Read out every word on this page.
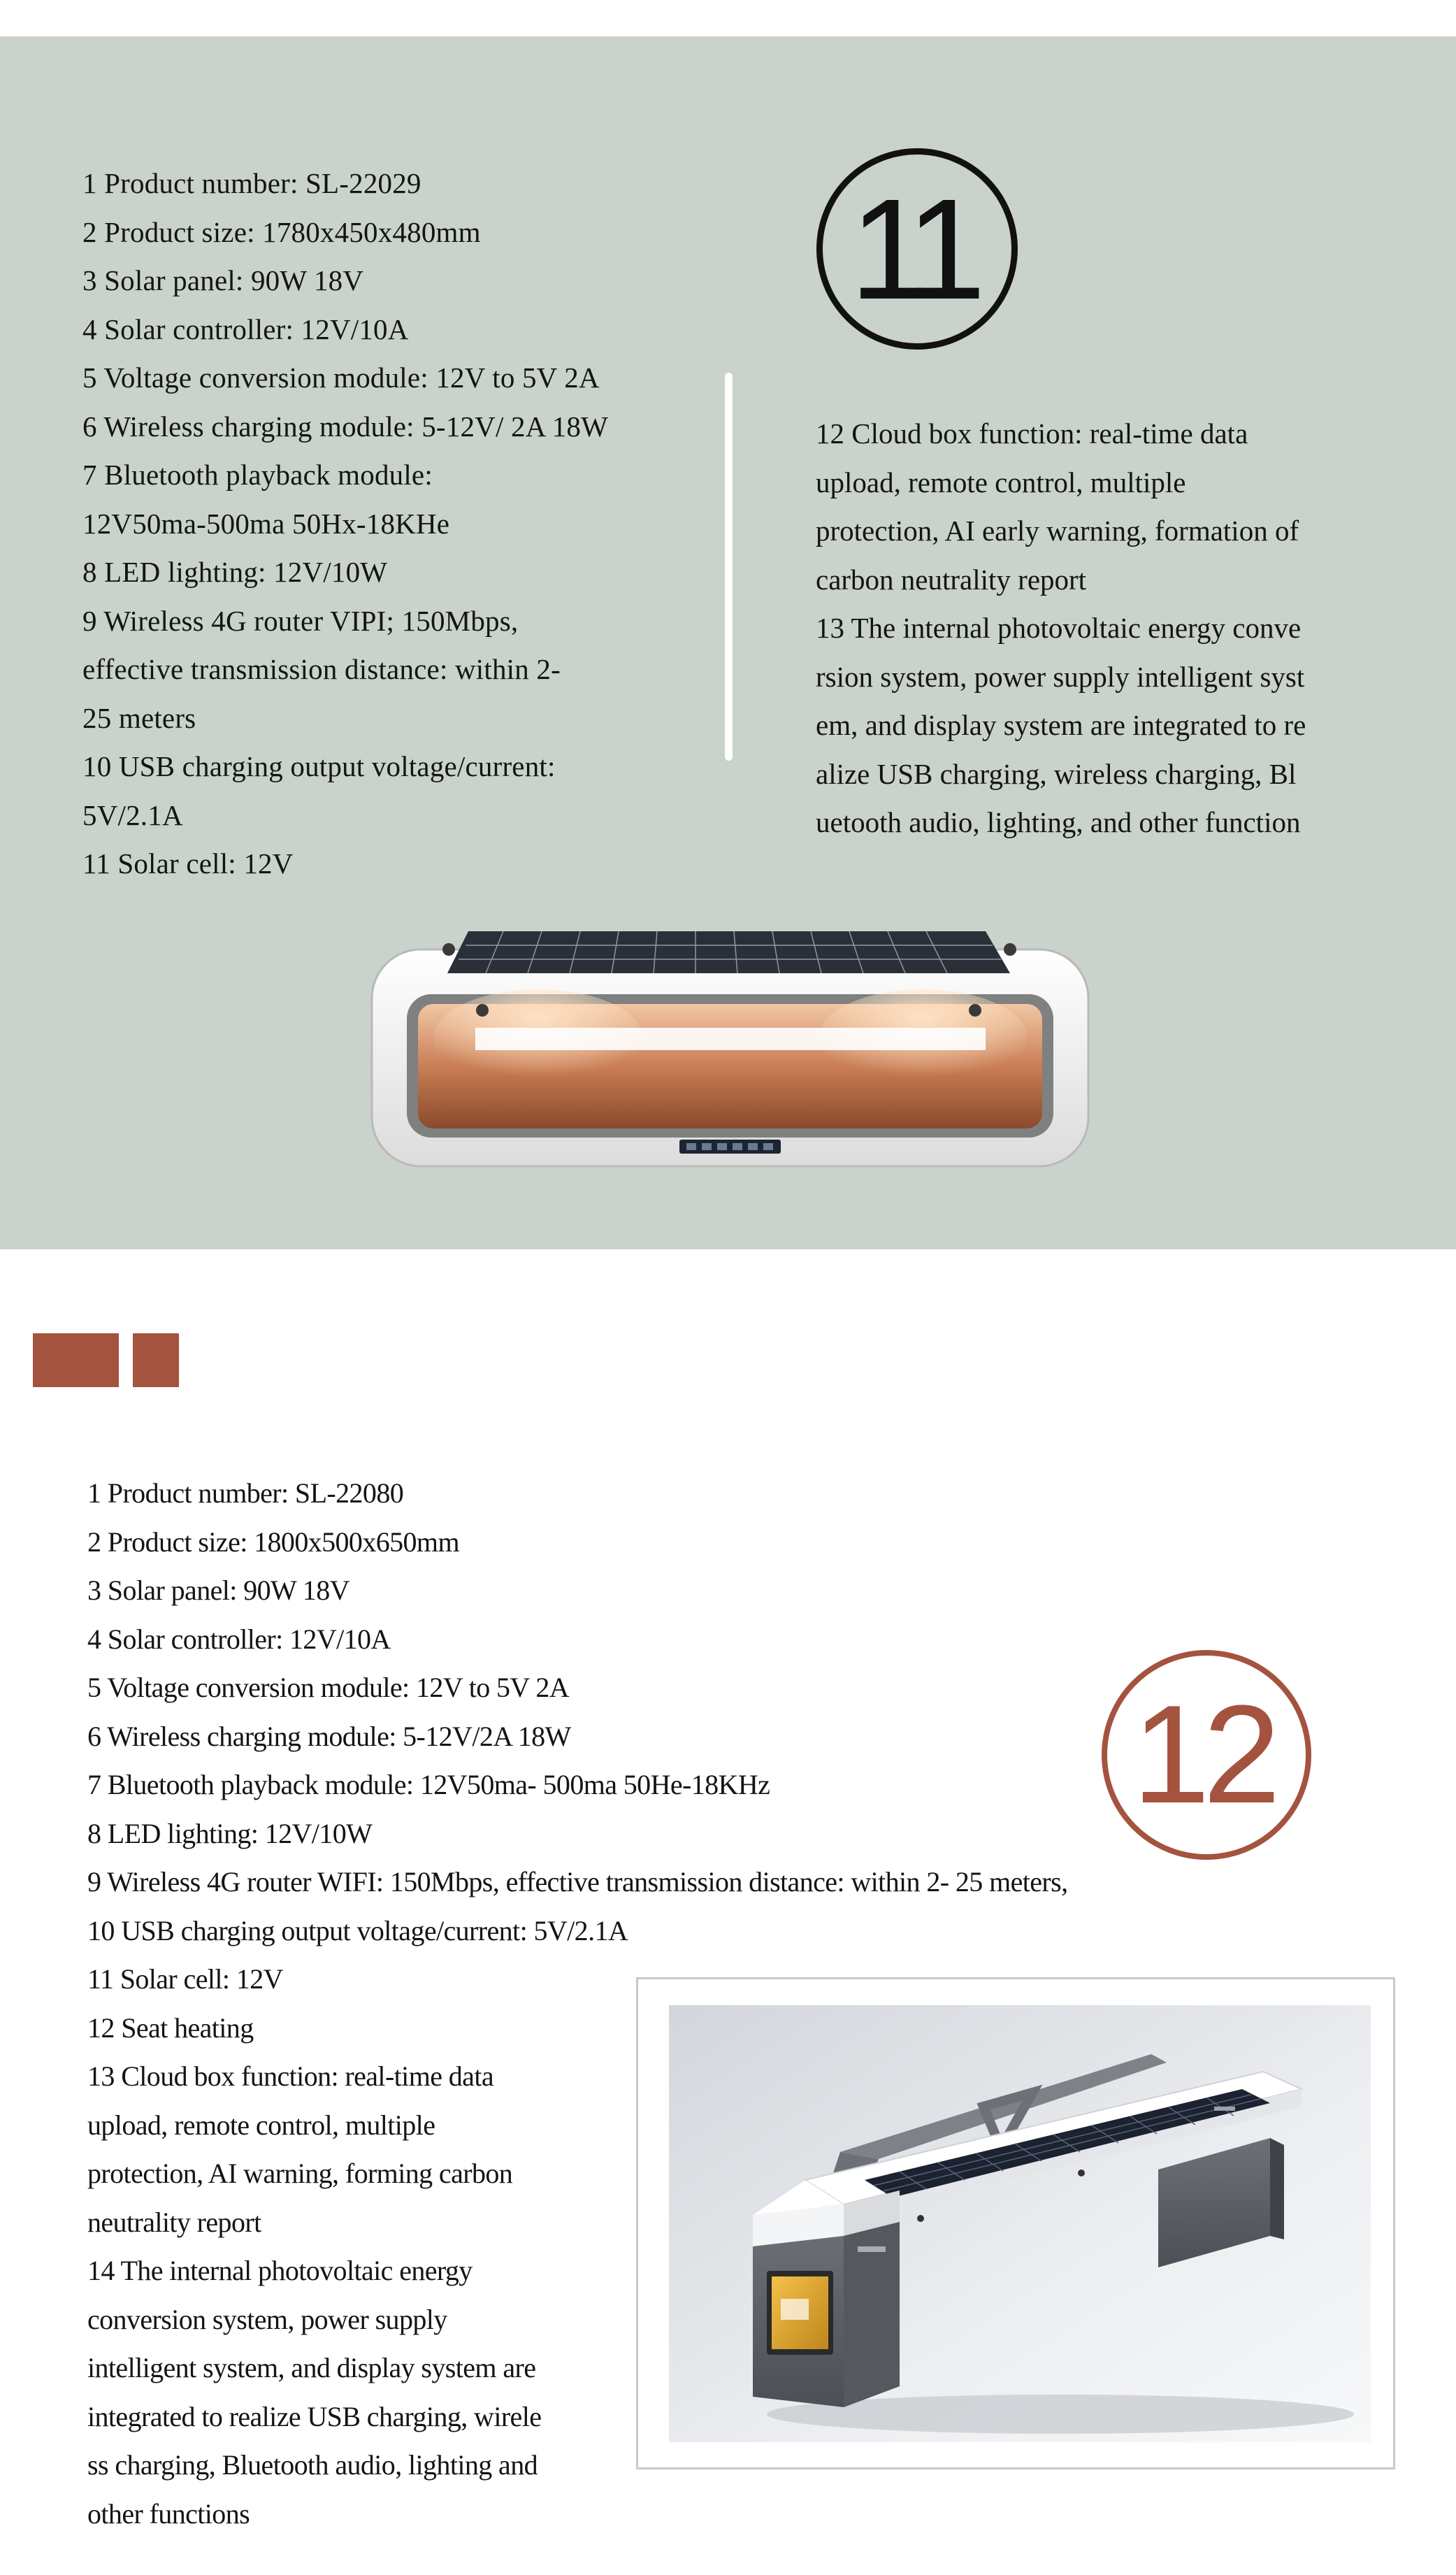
1 Product number: SL-22029
2 Product size: 1780x450x480mm
3 Solar panel: 90W 18V
4 Solar controller: 12V/10A
5 Voltage conversion module: 12V to 5V 2A
6 Wireless charging module: 5-12V/ 2A 18W
7 Bluetooth playback module:
12V50ma-500ma 50Hx-18KHe
8 LED lighting: 12V/10W
9 Wireless 4G router VIPI; 150Mbps,
effective transmission distance: within 2-
25 meters
10 USB charging output voltage/current:
5V/2.1A
11 Solar cell: 12V
11
12 Cloud box function: real-time data
upload, remote control, multiple
protection, AI early warning, formation of
carbon neutrality report
13 The internal photovoltaic energy conve
rsion system, power supply intelligent syst
em, and display system are integrated to re
alize USB charging, wireless charging, Bl
uetooth audio, lighting, and other function
1 Product number: SL-22080
2 Product size: 1800x500x650mm
3 Solar panel: 90W 18V
4 Solar controller: 12V/10A
5 Voltage conversion module: 12V to 5V 2A
6 Wireless charging module: 5-12V/2A 18W
7 Bluetooth playback module: 12V50ma- 500ma 50He-18KHz
8 LED lighting: 12V/10W
9 Wireless 4G router WIFI: 150Mbps, effective transmission distance: within 2- 25 meters,
10 USB charging output voltage/current: 5V/2.1A
12
11 Solar cell: 12V
12 Seat heating
13 Cloud box function: real-time data
upload, remote control, multiple
protection, AI warning, forming carbon
neutrality report
14 The internal photovoltaic energy
conversion system, power supply
intelligent system, and display system are
integrated to realize USB charging, wirele
ss charging, Bluetooth audio, lighting and
other functions
